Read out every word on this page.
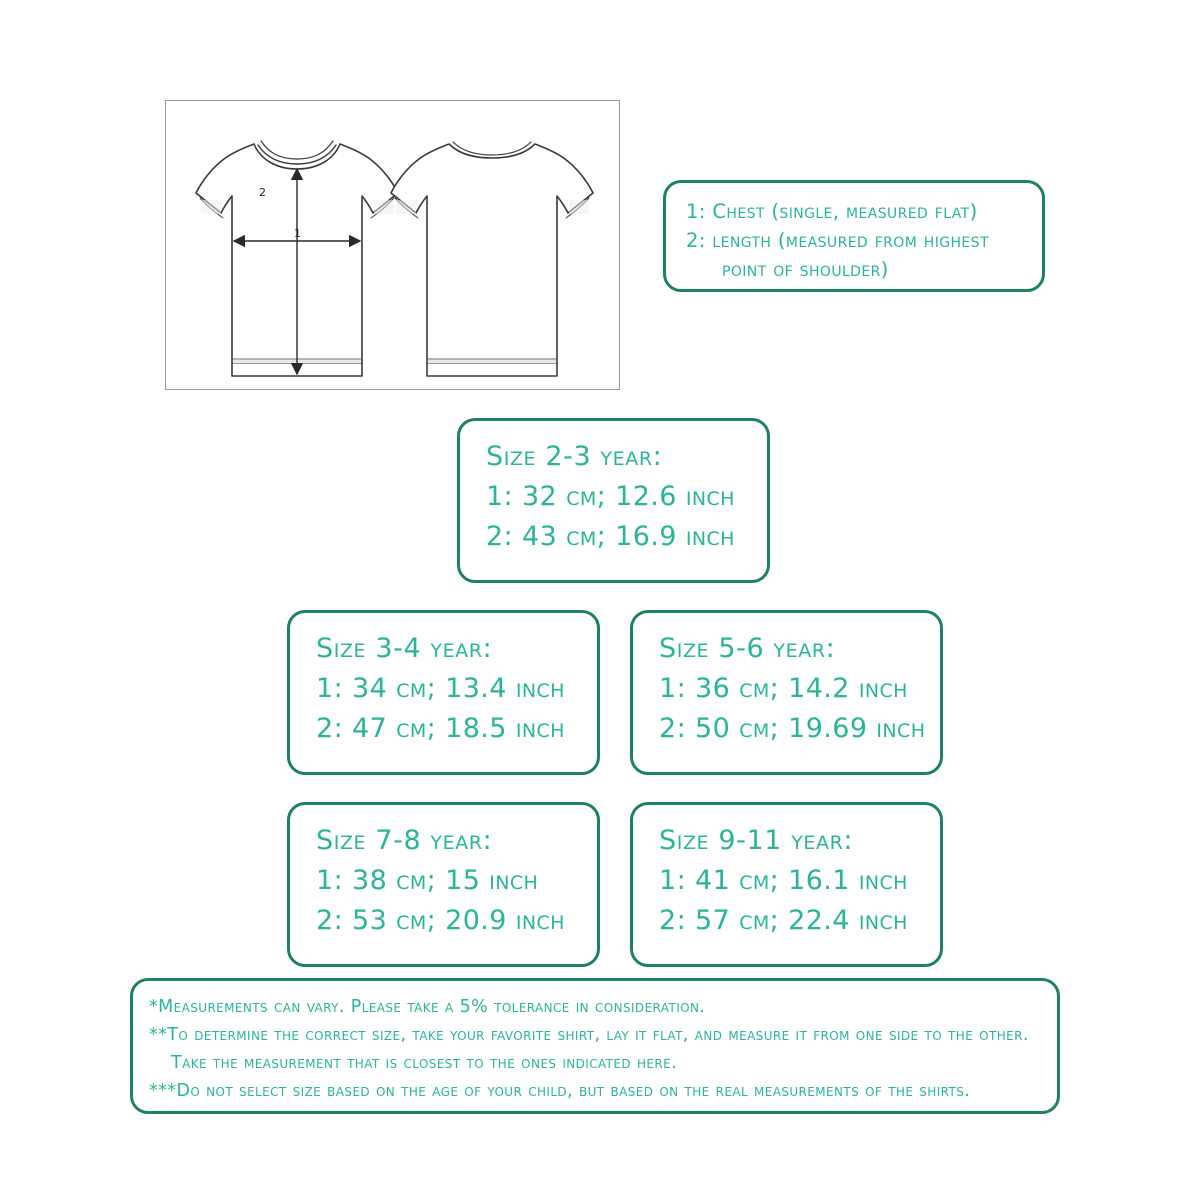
1
2
1: Chest (single, measured flat)
2: length (measured from highest
point of shoulder)
Size 2-3 year:
1: 32 cm; 12.6 inch
2: 43 cm; 16.9 inch
Size 3-4 year:
1: 34 cm; 13.4 inch
2: 47 cm; 18.5 inch
Size 5-6 year:
1: 36 cm; 14.2 inch
2: 50 cm; 19.69 inch
Size 7-8 year:
1: 38 cm; 15 inch
2: 53 cm; 20.9 inch
Size 9-11 year:
1: 41 cm; 16.1 inch
2: 57 cm; 22.4 inch
*Measurements can vary. Please take a 5% tolerance in consideration.
**To determine the correct size, take your favorite shirt, lay it flat, and measure it from one side to the other.
Take the measurement that is closest to the ones indicated here.
***Do not select size based on the age of your child, but based on the real measurements of the shirts.
